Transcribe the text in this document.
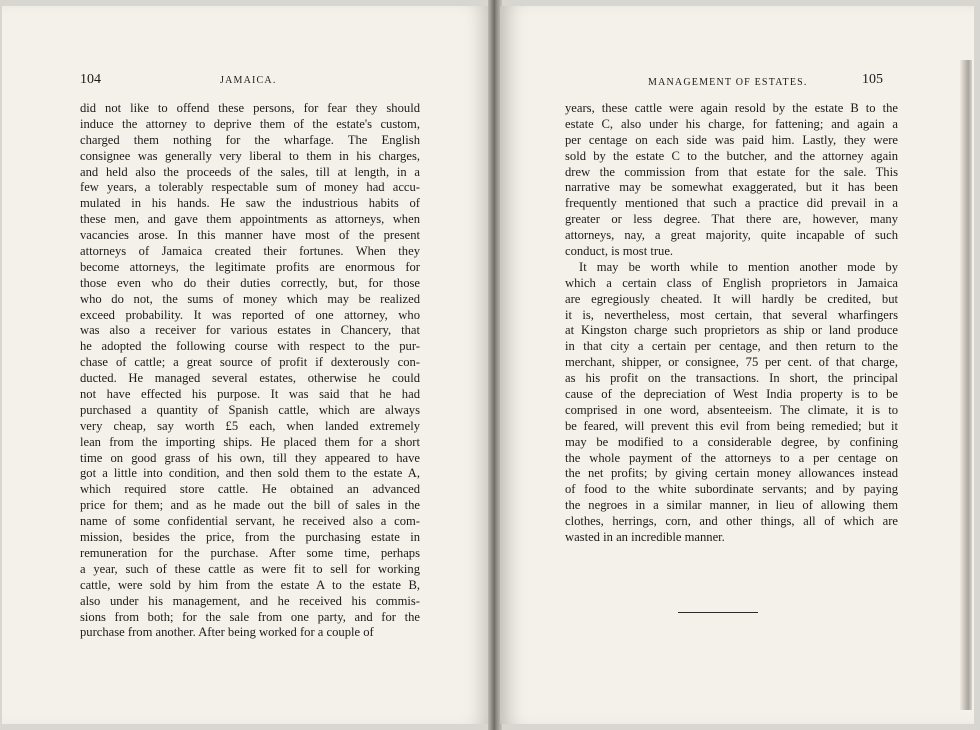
104	JAMAICA.
did not like to offend these persons, for fear they should
induce the attorney to deprive them of the estate's custom,
charged them nothing for the wharfage. The English
consignee was generally very liberal to them in his charges,
and held also the proceeds of the sales, till at length, in a
few years, a tolerably respectable sum of money had accu-
mulated in his hands. He saw the industrious habits of
these men, and gave them appointments as attorneys, when
vacancies arose. In this manner have most of the present
attorneys of Jamaica created their fortunes. When they
become attorneys, the legitimate profits are enormous for
those even who do their duties correctly, but, for those
who do not, the sums of money which may be realized
exceed probability. It was reported of one attorney, who
was also a receiver for various estates in Chancery, that
he adopted the following course with respect to the pur-
chase of cattle; a great source of profit if dexterously con-
ducted. He managed several estates, otherwise he could
not have effected his purpose. It was said that he had
purchased a quantity of Spanish cattle, which are always
very cheap, say worth £5 each, when landed extremely
lean from the importing ships. He placed them for a short
time on good grass of his own, till they appeared to have
got a little into condition, and then sold them to the estate A,
which required store cattle. He obtained an advanced
price for them; and as he made out the bill of sales in the
name of some confidential servant, he received also a com-
mission, besides the price, from the purchasing estate in
remuneration for the purchase. After some time, perhaps
a year, such of these cattle as were fit to sell for working
cattle, were sold by him from the estate A to the estate B,
also under his management, and he received his commis-
sions from both; for the sale from one party, and for the
purchase from another. After being worked for a couple of
MANAGEMENT OF ESTATES.	105
years, these cattle were again resold by the estate B to the
estate C, also under his charge, for fattening; and again a
per centage on each side was paid him. Lastly, they were
sold by the estate C to the butcher, and the attorney again
drew the commission from that estate for the sale. This
narrative may be somewhat exaggerated, but it has been
frequently mentioned that such a practice did prevail in a
greater or less degree. That there are, however, many
attorneys, nay, a great majority, quite incapable of such
conduct, is most true.
It may be worth while to mention another mode by
which a certain class of English proprietors in Jamaica
are egregiously cheated. It will hardly be credited, but
it is, nevertheless, most certain, that several wharfingers
at Kingston charge such proprietors as ship or land produce
in that city a certain per centage, and then return to the
merchant, shipper, or consignee, 75 per cent. of that charge,
as his profit on the transactions. In short, the principal
cause of the depreciation of West India property is to be
comprised in one word, absenteeism. The climate, it is to
be feared, will prevent this evil from being remedied; but it
may be modified to a considerable degree, by confining
the whole payment of the attorneys to a per centage on
the net profits; by giving certain money allowances instead
of food to the white subordinate servants; and by paying
the negroes in a similar manner, in lieu of allowing them
clothes, herrings, corn, and other things, all of which are
wasted in an incredible manner.
